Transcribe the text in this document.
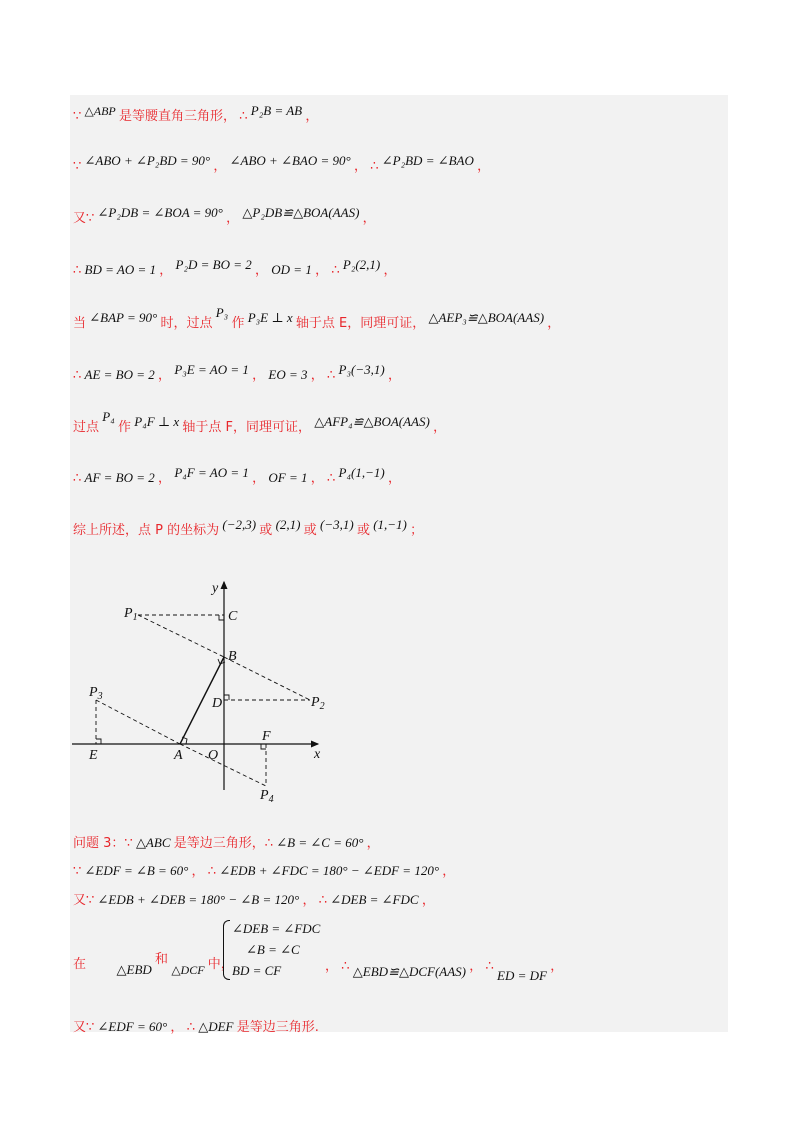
∵ △ABP 是等腰直角三角形， ∴ P₂B = AB ，
∵ ∠ABO + ∠P₂BD = 90° ， ∠ABO + ∠BAO = 90° ， ∴ ∠P₂BD = ∠BAO ，
又∵ ∠P₂DB = ∠BOA = 90° ， △P₂DB≌△BOA(AAS) ，
∴ BD = AO = 1 ， P₂D = BO = 2 ， OD = 1 ， ∴ P₂(2,1) ，
当 ∠BAP = 90° 时，过点 P₃ 作 P₃E ⊥ x 轴于点 E，同理可证， △AEP₃≌△BOA(AAS) ，
∴ AE = BO = 2 ， P₃E = AO = 1 ， EO = 3 ， ∴ P₃(−3,1) ，
过点 P₄ 作 P₄F ⊥ x 轴于点 F，同理可证， △AFP₄≌△BOA(AAS) ，
∴ AF = BO = 2 ， P₄F = AO = 1 ， OF = 1 ， ∴ P₄(1,−1) ，
综上所述，点 P 的坐标为 (−2,3) 或 (2,1) 或 (−3,1) 或 (1,−1) ；
y
x
C
B
D
O
E	A
F
$P_1$
$P_2$
$P_3$
$P_4$
问题 3：∵ △ABC 是等边三角形，∴ ∠B = ∠C = 60° ，
∵ ∠EDF = ∠B = 60° ， ∴ ∠EDB + ∠FDC = 180° − ∠EDF = 120° ，
又∵ ∠EDB + ∠DEB = 180° − ∠B = 120° ， ∴ ∠DEB = ∠FDC ，
在 △EBD 和 △DCF 中，
∠DEB = ∠FDC
∠B = ∠C
BD = CF	， ∴ △EBD≌△DCF(AAS) ， ∴ ED = DF ，
又∵ ∠EDF = 60° ， ∴ △DEF 是等边三角形.
